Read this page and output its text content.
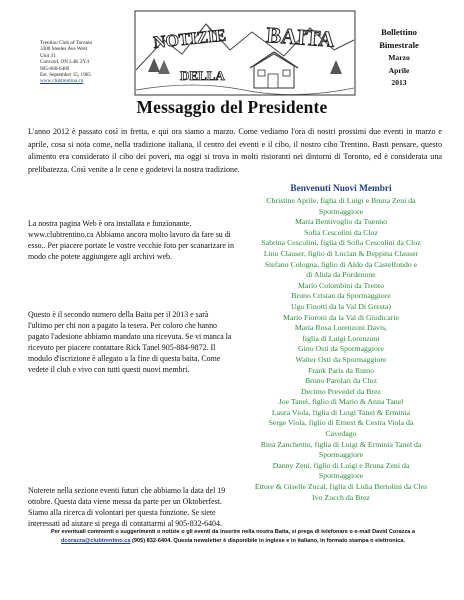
Trentino Club of Toronto
3300 Steeles Ave West
Unit 31
Concord, ON L4K 2Y4
905-660-6489
Est. September 15, 1965
www.clubtrentino.ca
NOTIZIE BAITA
DELLA
Bollettino
Bimestrale
Marzo
Aprile
2013
Messaggio del Presidente

L'anno 2012 è passato così in fretta, e qui ora siamo a marzo. Come vediamo l'ora di nostri prossimi due eventi in marzo e aprile, cosa si nota come, nella tradizione italiana, il centro dei eventi e il cibo, il nostro cibo Trentino. Basti pensare, questo alimento era considerato il cibo dei poveri, ma oggi si trova in molti ristoranti nei dintorni di Toronto, ed è considerata una prelibatezza. Così venite a le cene e godetevi la nostra tradizione.

La nostra pagina Web è ora installata e funzionante. www.clubtrentino.ca Abbiamo ancora molto lavoro da fare su di esso.. Per piacere portate le vostre vecchie foto per scanarizare in modo che potete aggiungere agli archivi web.

Questo è il secondo numero della Baita per il 2013 e sarà l'ultimo per chi non a pagato la tesera. Per coloro che hanno pagato l'adesione abbiamo mandato una ricevuta. Se vi manca la ricevuto per piacere contattare Rick Tanel 905-884-9872. Il modulo d'iscrizione è allegato a la fine di questa baita. Come vedete il club e vivo con tutti questi nuovi membri.

Noterete nella sezione eventi futuri che abbiamo la data del 19 ottobre. Questa data viene messa da parte per un Oktoberfest. Siamo alla ricerca di volontari per questa funzione. Se siete interessati ad aiutare si prega di contattarmi al 905-832-6404.

Benvenuti Nuovi Membri
Christine Aprile, figlia di Luigi e Bruna Zeni da
Spormaggiore
Maria Bentivoglio da Tuenno
Sofia Cescolini da Cloz
Sabrina Cescolini, figlia di Sofia Cescolini da Cloz
Lino Clauser, figlio di Lucian & Beppina Clauser
Stefano Cologna, figlio di Aldo da Castelfondo e
di Alida da Pordenone
Mario Colombini da Trento
Bruno Cristan da Spormaggiore
Ugo Finotti da la Val Di Gresta)
Mario Fioroni da la Val di Giudicarie
Maria Rosa Lorenzoni Davis,
figlia di Luigi Lorenzoni
Gino Osti da Spormaggiore
Walter Osti da Spormaggiore
Frank Paris da Rumo
Bruno Parolari da Cloz
Decimo Prevedel da Brez
Joe Tanel, figlio di Mario & Anna Tanel
Laura Viola, figlia di Luigi Tanel & Erminia
Serge Viola, figlio di Ernest & Cesira Viola da
Cavedago
Rina Zanchettin, figlia di Luigi & Erminia Tanel da
Spormaggiore
Danny Zeni, figlio di Luigi e Bruna Zeni da
Spormaggiore
Ettore & Giselle Zucal, figlia di Lidia Bertolini da Cles
Ivo Zucch da Brez
Per eventuali commenti o suggerimenti o notizie o gli eventi da inserire nella nostra Baita, si prega di telefonare o e-mail David Corazza a dcorazza@clubtrentino.ca (905) 832-6404. Questa newsletter è disponibile in inglese e in italiano, in formato stampa o elettronica.
